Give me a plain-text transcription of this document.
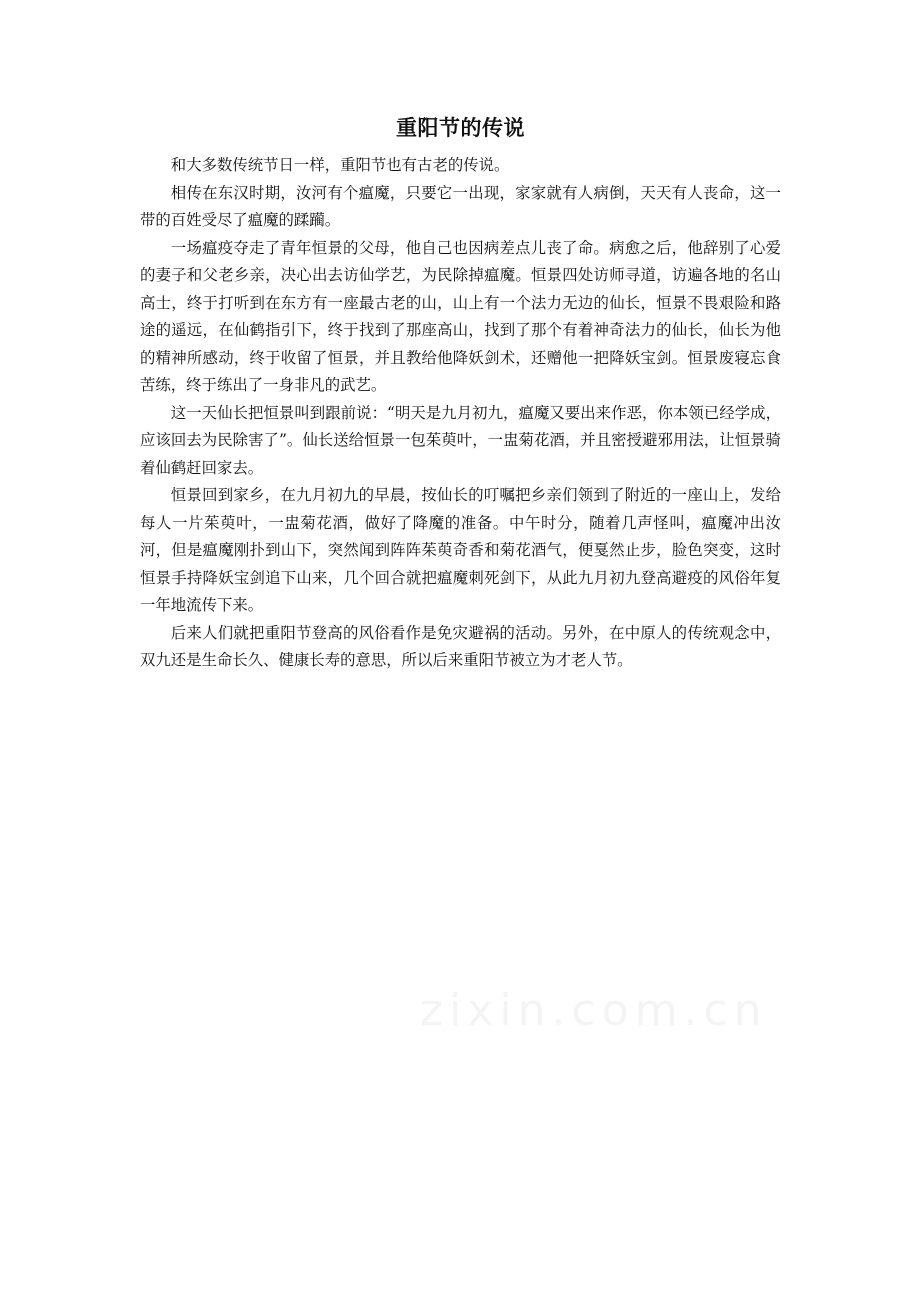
重阳节的传说

和大多数传统节日一样，重阳节也有古老的传说。

相传在东汉时期，汝河有个瘟魔，只要它一出现，家家就有人病倒，天天有人丧命，这一带的百姓受尽了瘟魔的蹂躏。

一场瘟疫夺走了青年恒景的父母，他自己也因病差点儿丧了命。病愈之后，他辞别了心爱的妻子和父老乡亲，决心出去访仙学艺，为民除掉瘟魔。恒景四处访师寻道，访遍各地的名山高士，终于打听到在东方有一座最古老的山，山上有一个法力无边的仙长，恒景不畏艰险和路途的遥远，在仙鹤指引下，终于找到了那座高山，找到了那个有着神奇法力的仙长，仙长为他的精神所感动，终于收留了恒景，并且教给他降妖剑术，还赠他一把降妖宝剑。恒景废寝忘食苦练，终于练出了一身非凡的武艺。

这一天仙长把恒景叫到跟前说：“明天是九月初九，瘟魔又要出来作恶，你本领已经学成，应该回去为民除害了”。仙长送给恒景一包茱萸叶，一盅菊花酒，并且密授避邪用法，让恒景骑着仙鹤赶回家去。

恒景回到家乡，在九月初九的早晨，按仙长的叮嘱把乡亲们领到了附近的一座山上，发给每人一片茱萸叶，一盅菊花酒，做好了降魔的准备。中午时分，随着几声怪叫，瘟魔冲出汝河，但是瘟魔刚扑到山下，突然闻到阵阵茱萸奇香和菊花酒气，便戛然止步，脸色突变，这时恒景手持降妖宝剑追下山来，几个回合就把瘟魔刺死剑下，从此九月初九登高避疫的风俗年复一年地流传下来。

后来人们就把重阳节登高的风俗看作是免灾避祸的活动。另外，在中原人的传统观念中，双九还是生命长久、健康长寿的意思，所以后来重阳节被立为才老人节。
